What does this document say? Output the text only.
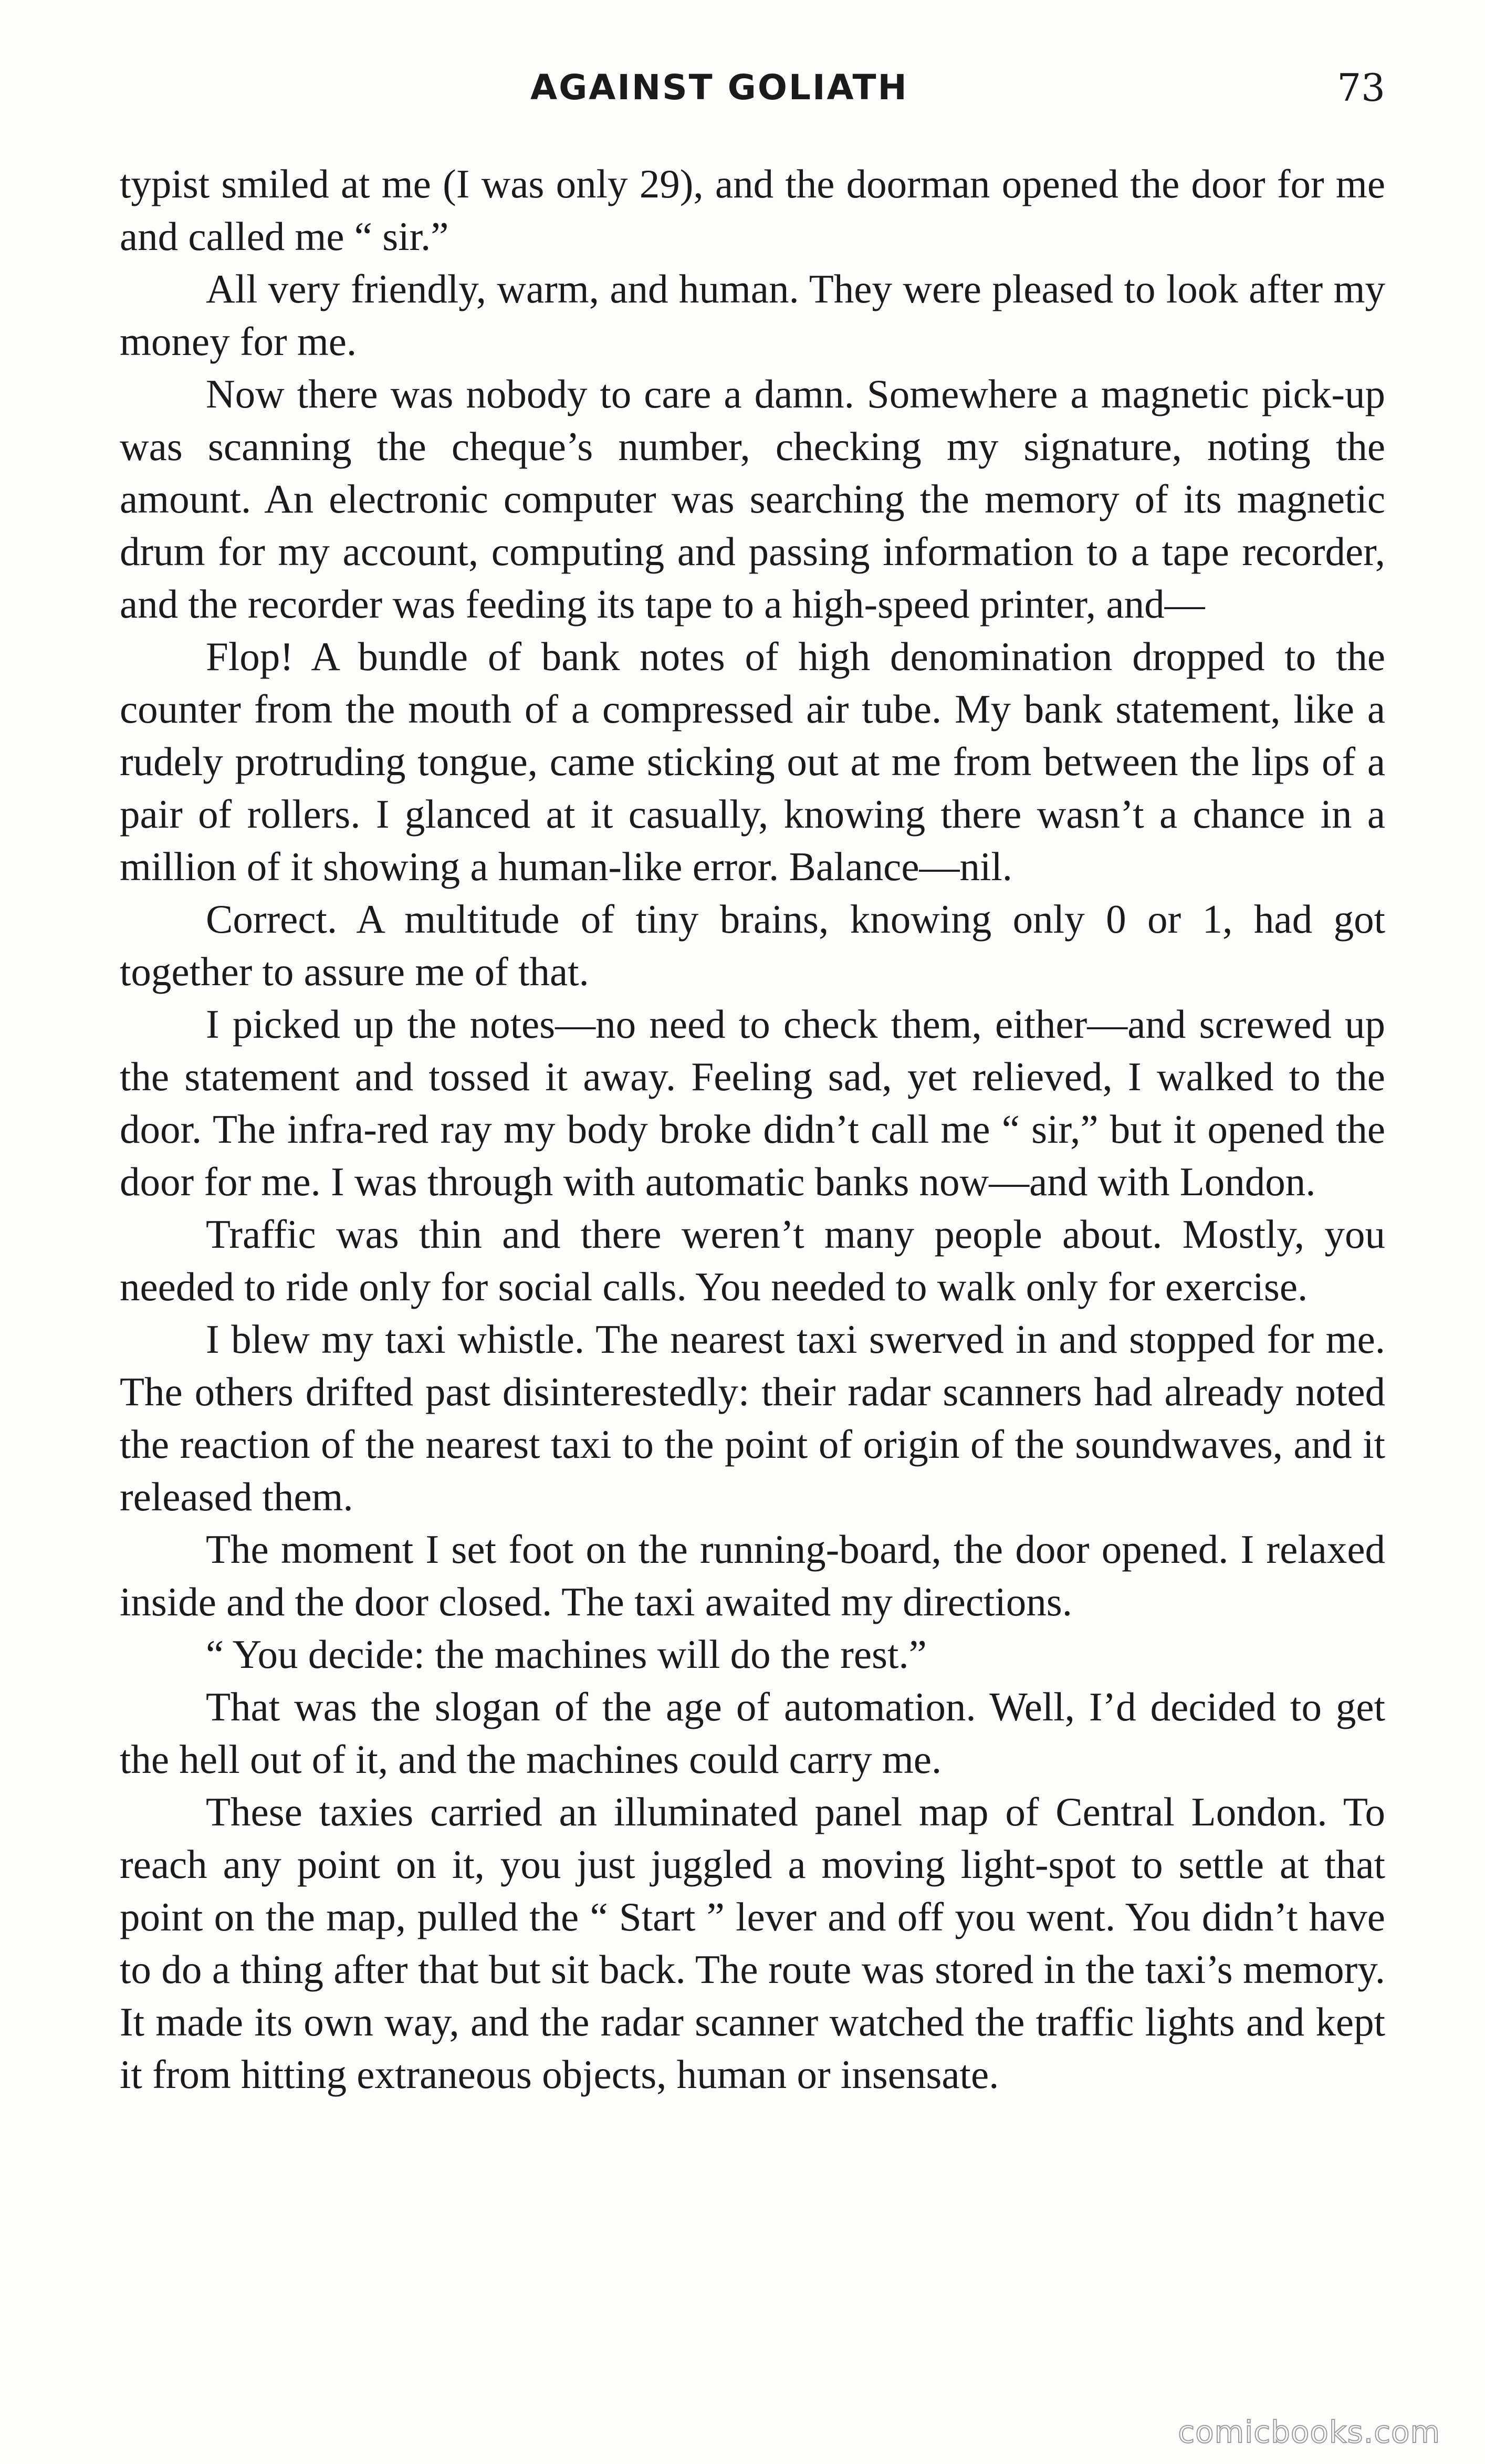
AGAINST GOLIATH	73

typist smiled at me (I was only 29), and the doorman opened the door for me and called me “ sir.”

All very friendly, warm, and human. They were pleased to look after my money for me.

Now there was nobody to care a damn. Somewhere a magnetic pick-up was scanning the cheque’s number, checking my signature, noting the amount. An electronic computer was searching the memory of its magnetic drum for my account, computing and passing information to a tape recorder, and the recorder was feeding its tape to a high-speed printer, and—

Flop! A bundle of bank notes of high denomination dropped to the counter from the mouth of a compressed air tube. My bank statement, like a rudely protruding tongue, came sticking out at me from between the lips of a pair of rollers. I glanced at it casually, knowing there wasn’t a chance in a million of it showing a human-like error. Balance—nil.

Correct. A multitude of tiny brains, knowing only 0 or 1, had got together to assure me of that.

I picked up the notes—no need to check them, either—and screwed up the statement and tossed it away. Feeling sad, yet relieved, I walked to the door. The infra-red ray my body broke didn’t call me “ sir,” but it opened the door for me. I was through with automatic banks now—and with London.

Traffic was thin and there weren’t many people about. Mostly, you needed to ride only for social calls. You needed to walk only for exercise.

I blew my taxi whistle. The nearest taxi swerved in and stopped for me. The others drifted past disinterestedly: their radar scanners had already noted the reaction of the nearest taxi to the point of origin of the soundwaves, and it released them.

The moment I set foot on the running-board, the door opened. I relaxed inside and the door closed. The taxi awaited my directions.

“ You decide: the machines will do the rest.”

That was the slogan of the age of automation. Well, I’d decided to get the hell out of it, and the machines could carry me.

These taxies carried an illuminated panel map of Central London. To reach any point on it, you just juggled a moving light-spot to settle at that point on the map, pulled the “ Start ” lever and off you went. You didn’t have to do a thing after that but sit back. The route was stored in the taxi’s memory. It made its own way, and the radar scanner watched the traffic lights and kept it from hitting extraneous objects, human or insensate.

comicbooks.com
